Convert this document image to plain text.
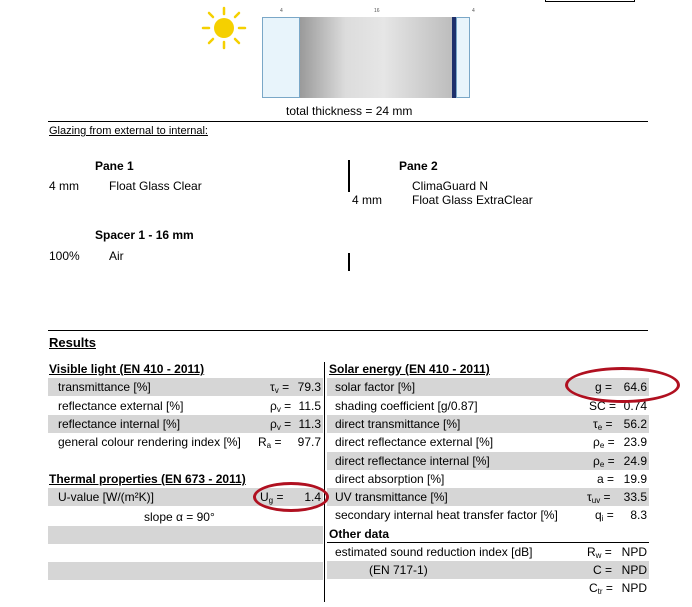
4	16	4
total thickness = 24 mm
Glazing from external to internal:
Pane 1
4 mm	Float Glass Clear
Pane 2
ClimaGuard N
4 mm	Float Glass ExtraClear
Spacer 1 - 16 mm
100% Air
Results
Visible light (EN 410 - 2011)
transmittance [%]	$\tau_v = 79.3$
reflectance external [%]	$\rho_v = 11.5$
reflectance internal [%]	$\rho_v = 11.3$
general colour rendering index [%] $R_a = 97.7$
Thermal properties (EN 673 - 2011)
U-value [W/(m²K)]	$U_g = 1.4$
slope α = 90°
Solar energy (EN 410 - 2011)
solar factor [%]	g = 64.6
shading coefficient [g/0.87]	SC = 0.74
direct transmittance [%]	$\tau_e = 56.2$
direct reflectance external [%]	$\rho_e = 23.9$
direct reflectance internal [%]	$\rho_e = 24.9$
direct absorption [%]	a = 19.9
UV transmittance [%]	$\tau_{uv} = 33.5$
secondary internal heat transfer factor [%]	$q_i = 8.3$
Other data
estimated sound reduction index [dB]	$R_w$ = NPD
(EN 717-1)	C = NPD
$C_{tr}$ = NPD
